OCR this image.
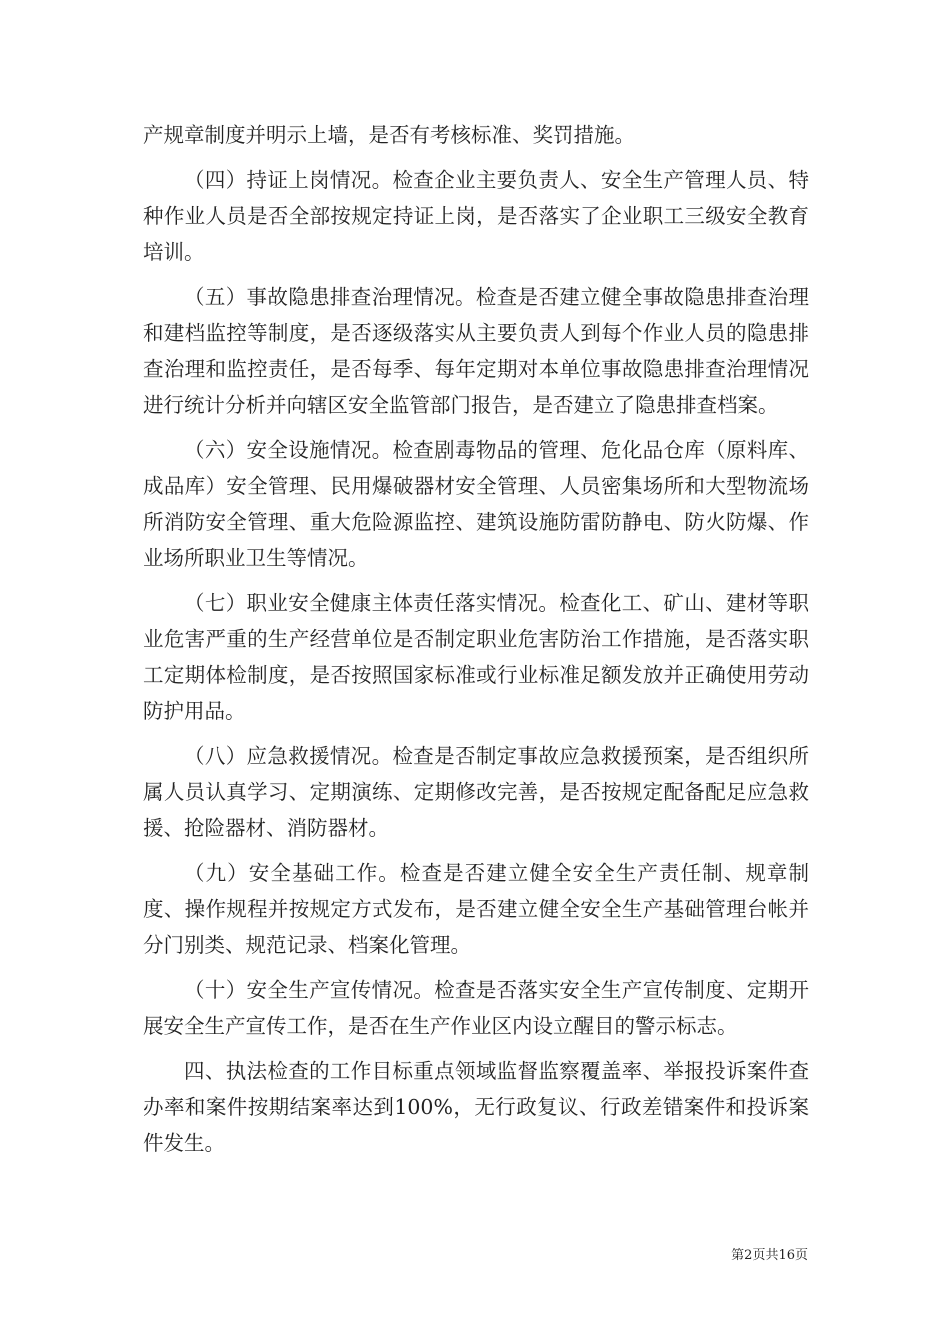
产规章制度并明示上墙，是否有考核标准、奖罚措施。

（四）持证上岗情况。检查企业主要负责人、安全生产管理人员、特种作业人员是否全部按规定持证上岗，是否落实了企业职工三级安全教育培训。

（五）事故隐患排查治理情况。检查是否建立健全事故隐患排查治理和建档监控等制度，是否逐级落实从主要负责人到每个作业人员的隐患排查治理和监控责任，是否每季、每年定期对本单位事故隐患排查治理情况进行统计分析并向辖区安全监管部门报告，是否建立了隐患排查档案。

（六）安全设施情况。检查剧毒物品的管理、危化品仓库（原料库、成品库）安全管理、民用爆破器材安全管理、人员密集场所和大型物流场所消防安全管理、重大危险源监控、建筑设施防雷防静电、防火防爆、作业场所职业卫生等情况。

（七）职业安全健康主体责任落实情况。检查化工、矿山、建材等职业危害严重的生产经营单位是否制定职业危害防治工作措施，是否落实职工定期体检制度，是否按照国家标准或行业标准足额发放并正确使用劳动防护用品。

（八）应急救援情况。检查是否制定事故应急救援预案，是否组织所属人员认真学习、定期演练、定期修改完善，是否按规定配备配足应急救援、抢险器材、消防器材。

（九）安全基础工作。检查是否建立健全安全生产责任制、规章制度、操作规程并按规定方式发布，是否建立健全安全生产基础管理台帐并分门别类、规范记录、档案化管理。

（十）安全生产宣传情况。检查是否落实安全生产宣传制度、定期开展安全生产宣传工作，是否在生产作业区内设立醒目的警示标志。

四、执法检查的工作目标重点领域监督监察覆盖率、举报投诉案件查办率和案件按期结案率达到100%，无行政复议、行政差错案件和投诉案件发生。

第2页共16页
